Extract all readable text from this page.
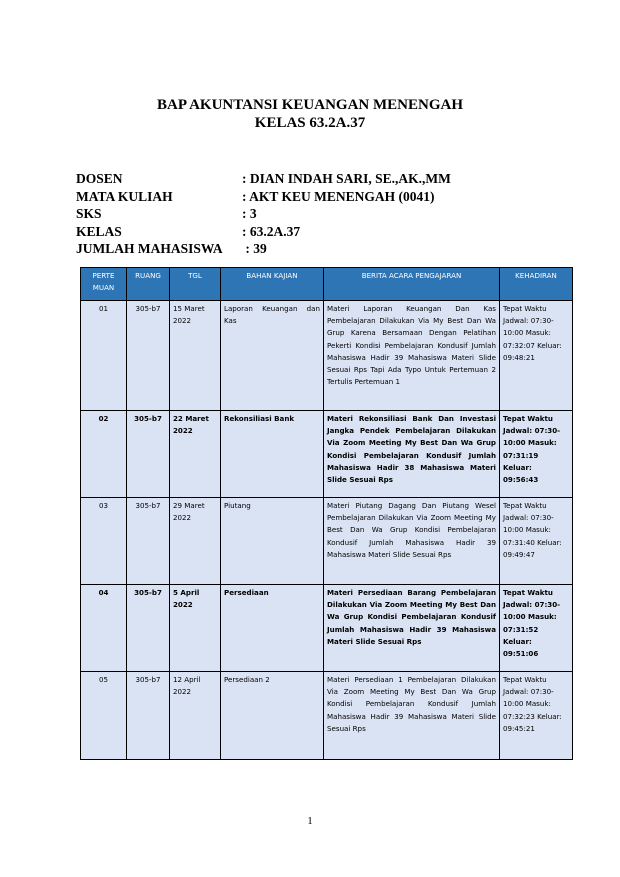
BAP AKUNTANSI KEUANGAN MENENGAH
KELAS 63.2A.37
DOSEN	: DIAN INDAH SARI, SE.,AK.,MM
MATA KULIAH	: AKT KEU MENENGAH (0041)
SKS	: 3
KELAS	: 63.2A.37
JUMLAH MAHASISWA : 39
PERTE MUAN	RUANG	TGL	BAHAN KAJIAN	BERITA ACARA PENGAJARAN	KEHADIRAN

01	305-b7	15 Maret 2022	Laporan Keuangan dan Kas	Materi Laporan Keuangan Dan Kas Pembelajaran Dilakukan Via My Best Dan Wa Grup Karena Bersamaan Dengan Pelatihan Pekerti Kondisi Pembelajaran Kondusif Jumlah Mahasiswa Hadir 39 Mahasiswa Materi Slide Sesuai Rps Tapi Ada Typo Untuk Pertemuan 2 Tertulis Pertemuan 1	Tepat Waktu Jadwal: 07:30-10:00 Masuk: 07:32:07 Keluar: 09:48:21
02	305-b7	22 Maret 2022	Rekonsiliasi Bank	Materi Rekonsiliasi Bank Dan Investasi Jangka Pendek Pembelajaran Dilakukan Via Zoom Meeting My Best Dan Wa Grup Kondisi Pembelajaran Kondusif Jumlah Mahasiswa Hadir 38 Mahasiswa Materi Slide Sesuai Rps	Tepat Waktu Jadwal: 07:30-10:00 Masuk: 07:31:19 Keluar: 09:56:43
03	305-b7	29 Maret 2022	Piutang	Materi Piutang Dagang Dan Piutang Wesel Pembelajaran Dilakukan Via Zoom Meeting My Best Dan Wa Grup Kondisi Pembelajaran Kondusif Jumlah Mahasiswa Hadir 39 Mahasiswa Materi Slide Sesuai Rps	Tepat Waktu Jadwal: 07:30-10:00 Masuk: 07:31:40 Keluar: 09:49:47
04	305-b7	5 April 2022	Persediaan	Materi Persediaan Barang Pembelajaran Dilakukan Via Zoom Meeting My Best Dan Wa Grup Kondisi Pembelajaran Kondusif Jumlah Mahasiswa Hadir 39 Mahasiswa Materi Slide Sesuai Rps	Tepat Waktu Jadwal: 07:30-10:00 Masuk: 07:31:52 Keluar: 09:51:06
05	305-b7	12 April 2022	Persediaan 2	Materi Persediaan 1 Pembelajaran Dilakukan Via Zoom Meeting My Best Dan Wa Grup Kondisi Pembelajaran Kondusif Jumlah Mahasiswa Hadir 39 Mahasiswa Materi Slide Sesuai Rps	Tepat Waktu Jadwal: 07:30-10:00 Masuk: 07:32:23 Keluar: 09:45:21
1
